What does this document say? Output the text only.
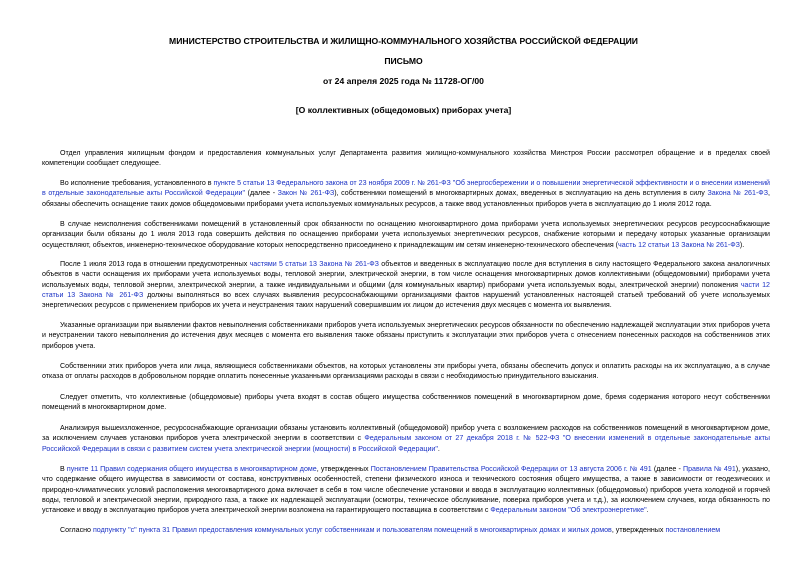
МИНИСТЕРСТВО СТРОИТЕЛЬСТВА И ЖИЛИЩНО-КОММУНАЛЬНОГО ХОЗЯЙСТВА РОССИЙСКОЙ ФЕДЕРАЦИИ
ПИСЬМО
от 24 апреля 2025 года № 11728-ОГ/00
[О коллективных (общедомовых) приборах учета]
Отдел управления жилищным фондом и предоставления коммунальных услуг Департамента развития жилищно-коммунального хозяйства Минстроя России рассмотрел обращение и в пределах своей компетенции сообщает следующее.
Во исполнение требования, установленного в пункте 5 статьи 13 Федерального закона от 23 ноября 2009 г. № 261-ФЗ "Об энергосбережении и о повышении энергетической эффективности и о внесении изменений в отдельные законодательные акты Российской Федерации" (далее - Закон № 261-ФЗ), собственники помещений в многоквартирных домах, введенных в эксплуатацию на день вступления в силу Закона № 261-ФЗ, обязаны обеспечить оснащение таких домов общедомовыми приборами учета используемых коммунальных ресурсов, а также ввод установленных приборов учета в эксплуатацию до 1 июля 2012 года.
В случае неисполнения собственниками помещений в установленный срок обязанности по оснащению многоквартирного дома приборами учета используемых энергетических ресурсов ресурсоснабжающие организации были обязаны до 1 июля 2013 года совершить действия по оснащению приборами учета используемых энергетических ресурсов, снабжение которыми и передачу которых указанные организации осуществляют, объектов, инженерно-техническое оборудование которых непосредственно присоединено к принадлежащим им сетям инженерно-технического обеспечения (часть 12 статьи 13 Закона № 261-ФЗ).
После 1 июля 2013 года в отношении предусмотренных частями 5 статьи 13 Закона № 261-ФЗ объектов и введенных в эксплуатацию после дня вступления в силу настоящего Федерального закона аналогичных объектов в части оснащения их приборами учета используемых воды, тепловой энергии, электрической энергии, в том числе оснащения многоквартирных домов коллективными (общедомовыми) приборами учета используемых воды, тепловой энергии, электрической энергии, а также индивидуальными и общими (для коммунальных квартир) приборами учета используемых воды, электрической энергии) положения части 12 статьи 13 Закона № 261-ФЗ должны выполняться во всех случаях выявления ресурсоснабжающими организациями фактов нарушений установленных настоящей статьей требований об учете используемых энергетических ресурсов с применением приборов их учета и неустранения таких нарушений совершившим их лицом до истечения двух месяцев с момента их выявления.
Указанные организации при выявлении фактов невыполнения собственниками приборов учета используемых энергетических ресурсов обязанности по обеспечению надлежащей эксплуатации этих приборов учета и неустранении такого невыполнения до истечения двух месяцев с момента его выявления также обязаны приступить к эксплуатации этих приборов учета с отнесением понесенных расходов на собственников этих приборов учета.
Собственники этих приборов учета или лица, являющиеся собственниками объектов, на которых установлены эти приборы учета, обязаны обеспечить допуск и оплатить расходы на их эксплуатацию, а в случае отказа от оплаты расходов в добровольном порядке оплатить понесенные указанными организациями расходы в связи с необходимостью принудительного взыскания.
Следует отметить, что коллективные (общедомовые) приборы учета входят в состав общего имущества собственников помещений в многоквартирном доме, бремя содержания которого несут собственники помещений в многоквартирном доме.
Анализируя вышеизложенное, ресурсоснабжающие организации обязаны установить коллективный (общедомовой) прибор учета с возложением расходов на собственников помещений в многоквартирном доме, за исключением случаев установки приборов учета электрической энергии в соответствии с Федеральным законом от 27 декабря 2018 г. № 522-ФЗ "О внесении изменений в отдельные законодательные акты Российской Федерации в связи с развитием систем учета электрической энергии (мощности) в Российской Федерации".
В пункте 11 Правил содержания общего имущества в многоквартирном доме, утвержденных Постановлением Правительства Российской Федерации от 13 августа 2006 г. № 491 (далее - Правила № 491), указано, что содержание общего имущества в зависимости от состава, конструктивных особенностей, степени физического износа и технического состояния общего имущества, а также в зависимости от геодезических и природно-климатических условий расположения многоквартирного дома включает в себя в том числе обеспечение установки и ввода в эксплуатацию коллективных (общедомовых) приборов учета холодной и горячей воды, тепловой и электрической энергии, природного газа, а также их надлежащей эксплуатации (осмотры, техническое обслуживание, поверка приборов учета и т.д.), за исключением случаев, когда обязанность по установке и вводу в эксплуатацию приборов учета электрической энергии возложена на гарантирующего поставщика в соответствии с Федеральным законом "Об электроэнергетике".
Согласно подпункту "с" пункта 31 Правил предоставления коммунальных услуг собственникам и пользователям помещений в многоквартирных домах и жилых домов, утвержденных постановлением
